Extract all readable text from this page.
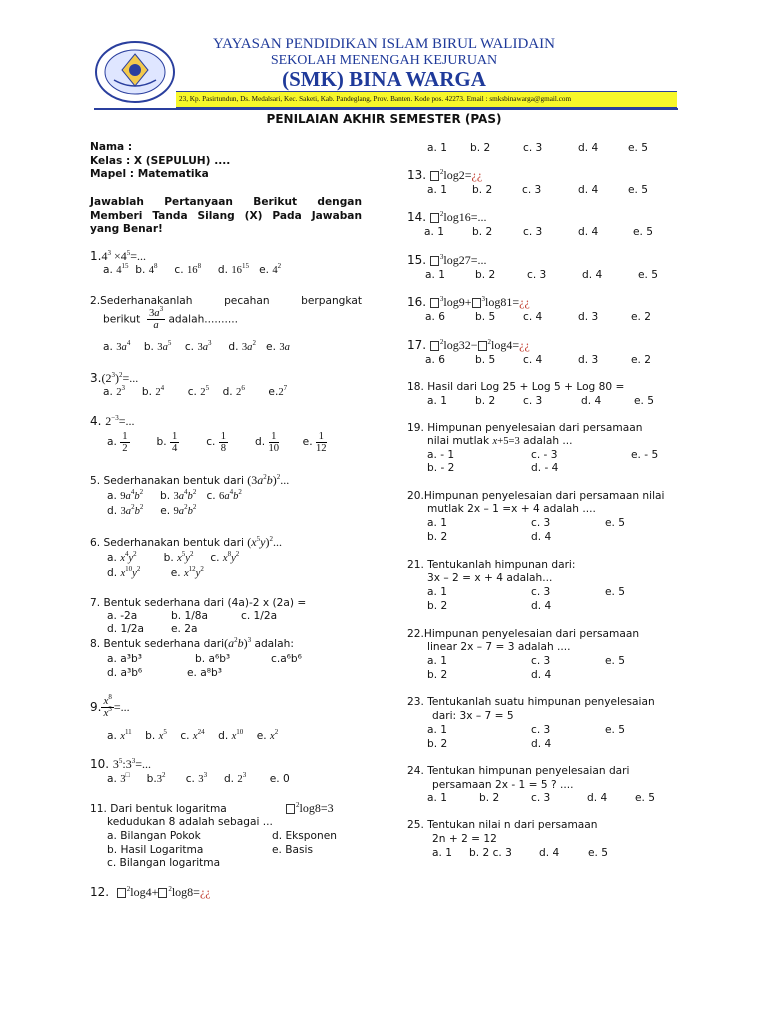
YAYASAN PENDIDIKAN ISLAM BIRUL WALIDAIN
SEKOLAH MENENGAH KEJURUAN
(SMK) BINA WARGA
23, Kp. Pasirtundun, Ds. Medalsari, Kec. Saketi, Kab. Pandeglang, Prov. Banten. Kode pos. 42273. Email : smksbinawarga@gmail.com
PENILAIAN AKHIR SEMESTER (PAS)
Nama :
Kelas : X (SEPULUH) ....
Mapel : Matematika
Jawablah Pertanyaan Berikut dengan Memberi Tanda Silang (X) Pada Jawaban yang Benar!
$1.4^3 \times 4^5=$...
a. $4^{15}$ b. $4^8$ c. $16^8$ d. $16^{15}$ e. $4^2$
2.Sederhanakanlah pecahan berpangkat
berikut $\frac{3a^3}{a}$ adalah..........
a. $3a^4$ b. $3a^5$ c. $3a^3$ d. $3a^2$ e. 3a
$3.(2^3)^2=$...
a. $2^3$ b. $2^4$ c. $2^5$ d. $2^6$ $e.2^7$
4. $2^{-3}=$...
a. $\frac{1}{2}$	b. $\frac{1}{4}$	c. $\frac{1}{8}$	d. $\frac{1}{10} e$. $\frac{1}{12}$
5. Sederhanakan bentuk dari $(3a^2b)^2$...
a. $9a^4b^2$ b. $3a^4b^2$ c. $6a^4b^2$
d. $3a^2b^2$ e. $9a^2b^2$
6. Sederhanakan bentuk dari $(x^5y)^2$...
a. $x^4y^2$	b. $x^5y^2$ c. $x^8y^2$
d. $x^{10}y^2$	e. $x^{12}y^2$
7. Bentuk sederhana dari (4a)-2 x (2a) =
a. -2a	b. 1/8a	c. 1/2a
d. 1/2a	e. 2a
8. Bentuk sederhana $dari(a^2b)^3$ adalah:
a. a³b³	b. a⁶b³	c.a⁶b⁶
d. a³b⁶	e. a⁸b³
9. $\frac{x^8}{x^3}$ =...
a. $x^{11}$ b. $x^5$ c. $x^{24}$ d. $x^{10}$ e. $x^2$
10. $3^5:3^3=$...
a. 3□ $b.3^2$ c. $3^3$ d. $2^3$ e. 0
11. Dari bentuk logaritma	$^2$log8=3
kedudukan 8 adalah sebagai ...
a. Bilangan Pokok	d. Eksponen
b. Hasil Logaritma	e. Basis
c. Bilangan logaritma
12.	$^2$log4+ $^2$log8=¿¿
a. 1 b. 2	c. 3	d. 4	e. 5
13. $^2$log2=¿¿
a. 1 b. 2	c. 3	d. 4	e. 5
14. $^2$log16=...
a. 1	b. 2	c. 3	d. 4	e. 5
15. $^3$log27=...
a. 1	b. 2	c. 3	d. 4	e. 5
16. $^3$log9+ $^3$log81=¿¿
a. 6	b. 5	c. 4	d. 3	e. 2
17. $^2$log32− $^2$log4=¿¿
a. 6	b. 5	c. 4	d. 3	e. 2
18. Hasil dari Log 25 + Log 5 + Log 80 =
a. 1	b. 2	c. 3	d. 4	e. 5
19. Himpunan penyelesaian dari persamaan
nilai mutlak x+5=3 adalah ...
a. - 1	c. - 3	e. - 5
b. - 2	d. - 4
20.Himpunan penyelesaian dari persamaan nilai
mutlak 2x – 1 =x + 4 adalah ....
a. 1	c. 3	e. 5
b. 2	d. 4
21. Tentukanlah himpunan dari:
3x – 2 = x + 4 adalah...
a. 1	c. 3	e. 5
b. 2	d. 4
22.Himpunan penyelesaian dari persamaan
linear 2x – 7 = 3 adalah ....
a. 1	c. 3	e. 5
b. 2	d. 4
23. Tentukanlah suatu himpunan penyelesaian
dari: 3x – 7 = 5
a. 1	c. 3	e. 5
b. 2	d. 4
24. Tentukan himpunan penyelesaian dari
persamaan 2x - 1 = 5 ? ....
a. 1	b. 2	c. 3	d. 4	e. 5
25. Tentukan nilai n dari persamaan
2n + 2 = 12
a. 1 b. 2 c. 3	d. 4	e. 5
